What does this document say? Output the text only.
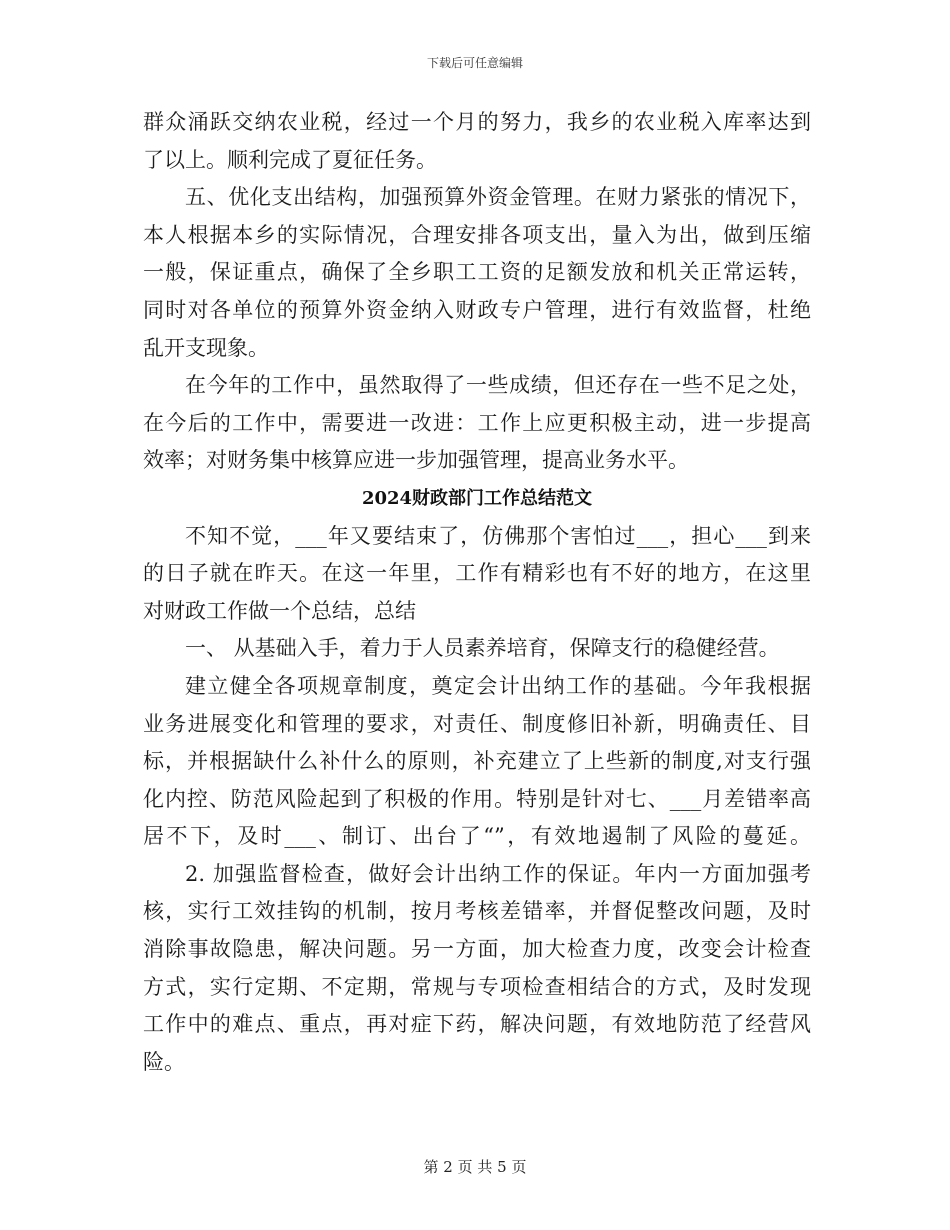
下载后可任意编辑
群众涌跃交纳农业税，经过一个月的努力，我乡的农业税入库率达到
了以上。顺利完成了夏征任务。
五、优化支出结构，加强预算外资金管理。在财力紧张的情况下，
本人根据本乡的实际情况，合理安排各项支出，量入为出，做到压缩
一般，保证重点，确保了全乡职工工资的足额发放和机关正常运转，
同时对各单位的预算外资金纳入财政专户管理，进行有效监督，杜绝
乱开支现象。
在今年的工作中，虽然取得了一些成绩，但还存在一些不足之处，
在今后的工作中，需要进一改进：工作上应更积极主动，进一步提高
效率；对财务集中核算应进一步加强管理，提高业务水平。
2024财政部门工作总结范文
不知不觉，___年又要结束了，仿佛那个害怕过___，担心___到来
的日子就在昨天。在这一年里，工作有精彩也有不好的地方，在这里
对财政工作做一个总结，总结
一、 从基础入手，着力于人员素养培育，保障支行的稳健经营。
建立健全各项规章制度，奠定会计出纳工作的基础。今年我根据
业务进展变化和管理的要求，对责任、制度修旧补新，明确责任、目
标，并根据缺什么补什么的原则，补充建立了上些新的制度,对支行强
化内控、防范风险起到了积极的作用。特别是针对七、___月差错率高
居不下，及时___、制订、出台了“”，有效地遏制了风险的蔓延。
2. 加强监督检查，做好会计出纳工作的保证。年内一方面加强考
核，实行工效挂钩的机制，按月考核差错率，并督促整改问题，及时
消除事故隐患，解决问题。另一方面，加大检查力度，改变会计检查
方式，实行定期、不定期，常规与专项检查相结合的方式，及时发现
工作中的难点、重点，再对症下药，解决问题，有效地防范了经营风
险。
第 2 页 共 5 页
